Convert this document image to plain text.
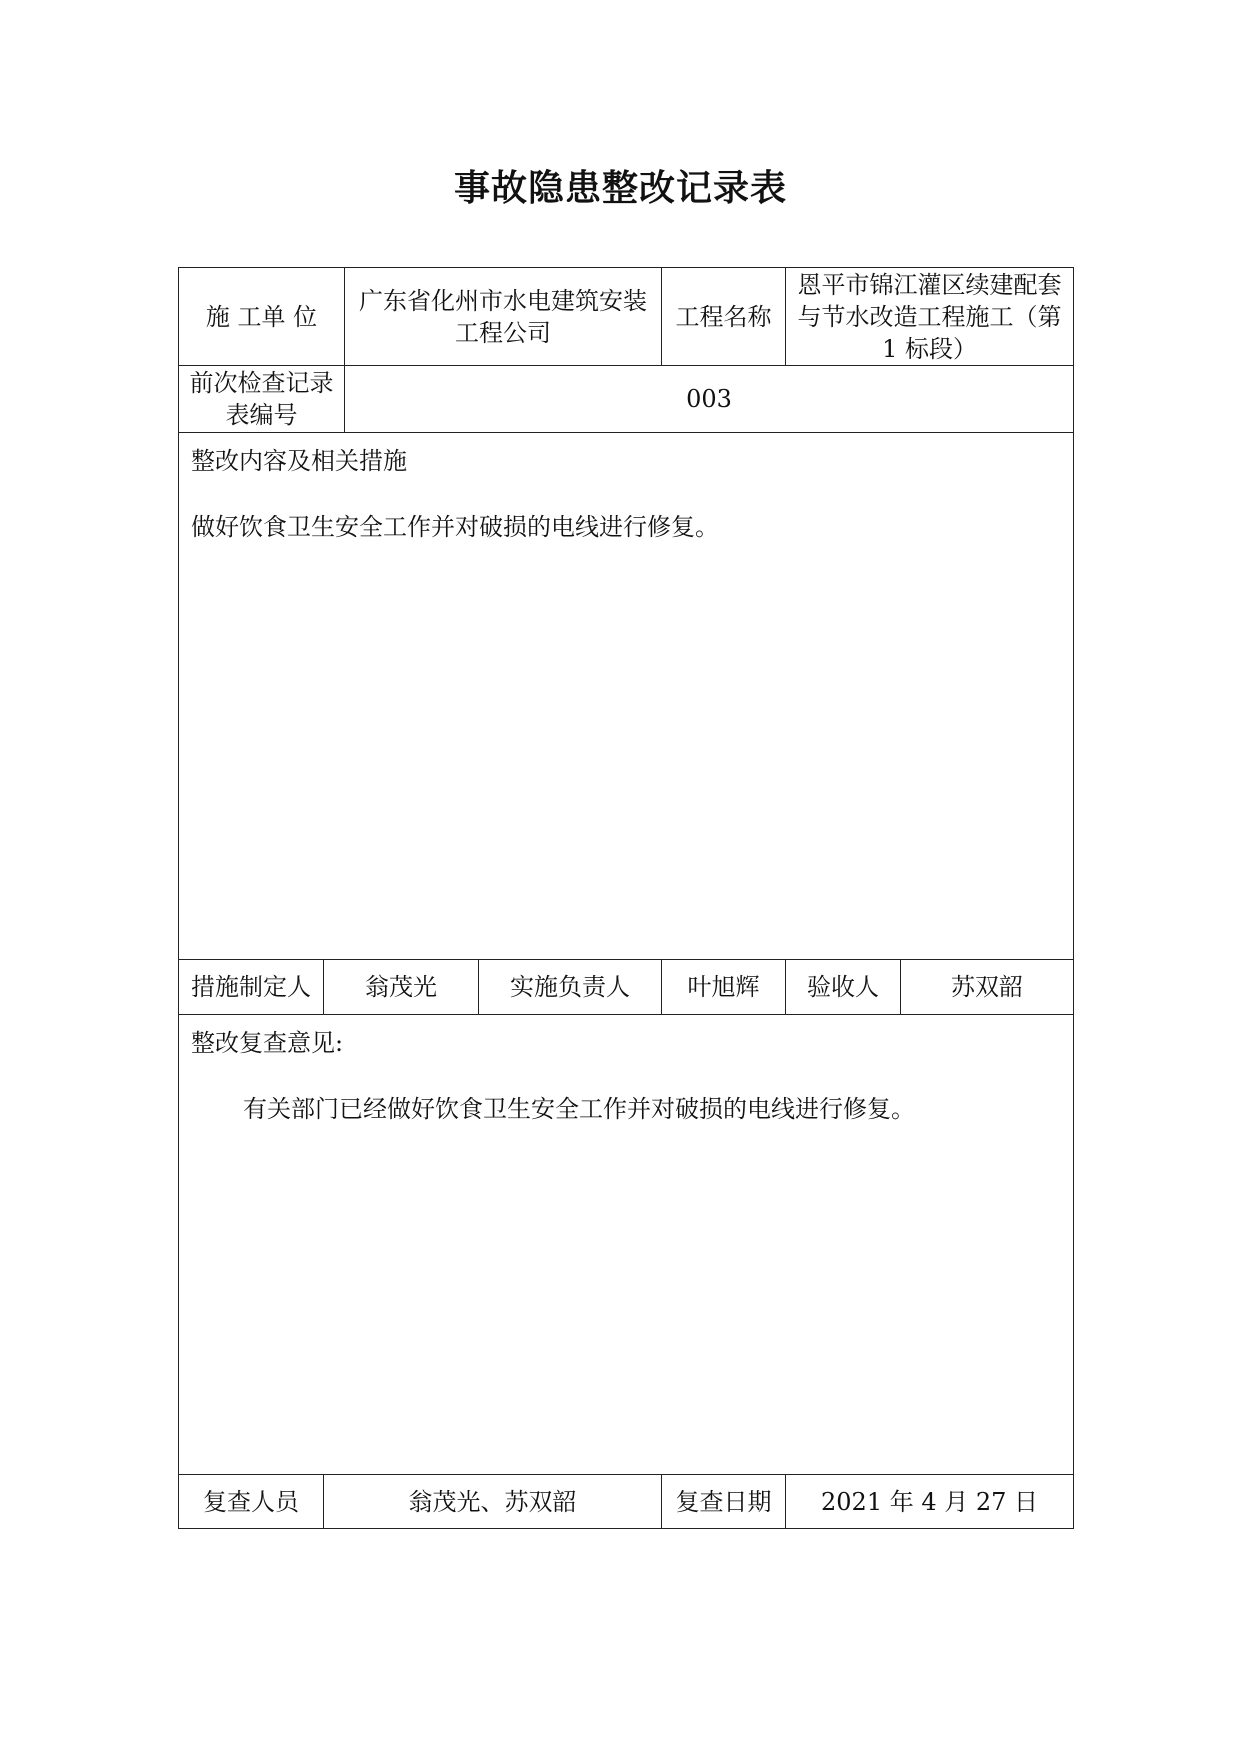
事故隐患整改记录表
施 工单 位		广东省化州市水电建筑安装工程公司		工程名称	恩平市锦江灌区续建配套与节水改造工程施工（第 1 标段）	
前次检查记录表编号		003				

整改内容及相关措施
做好饮食卫生安全工作并对破损的电线进行修复。						

措施制定人	翁茂光		实施负责人	叶旭辉	验收人	苏双韶

整改复查意见:
有关部门已经做好饮食卫生安全工作并对破损的电线进行修复。						

复查人员	翁茂光、苏双韶			复查日期	2021 年 4 月 27 日	
